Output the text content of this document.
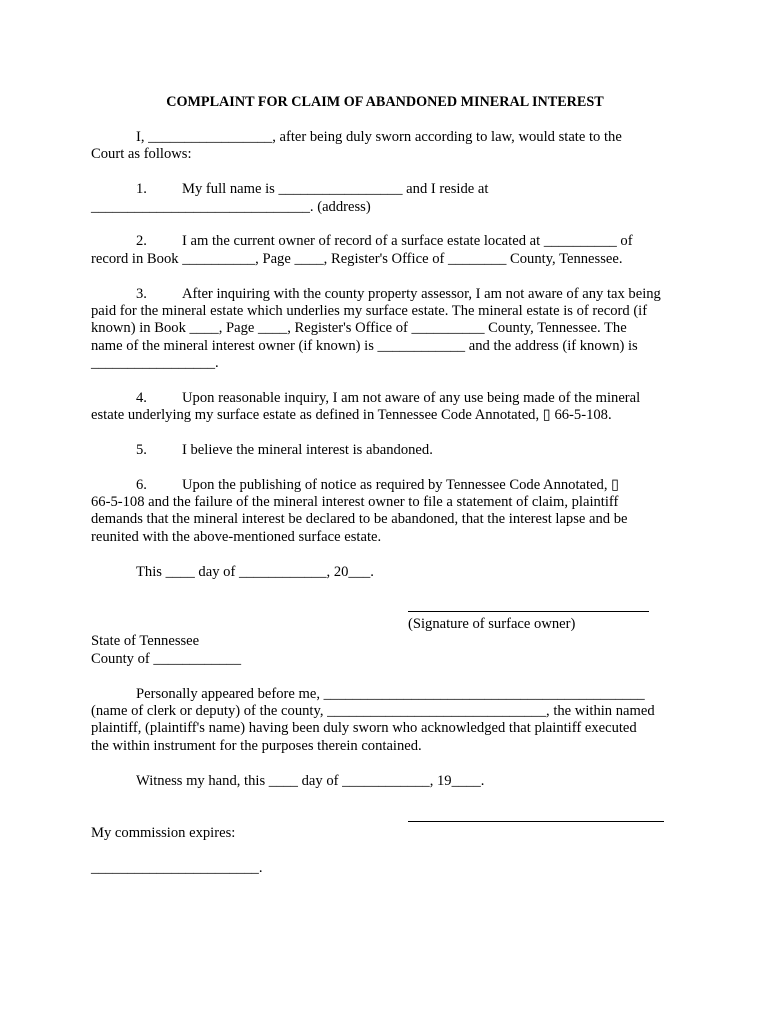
COMPLAINT FOR CLAIM OF ABANDONED MINERAL INTEREST
I, _________________, after being duly sworn according to law, would state to the
Court as follows:
1. My full name is _________________ and I reside at
______________________________. (address)
2. I am the current owner of record of a surface estate located at __________ of
record in Book __________, Page ____, Register's Office of ________ County, Tennessee.
3. After inquiring with the county property assessor, I am not aware of any tax being
paid for the mineral estate which underlies my surface estate. The mineral estate is of record (if
known) in Book ____, Page ____, Register's Office of __________ County, Tennessee. The
name of the mineral interest owner (if known) is ____________ and the address (if known) is
_________________.
4. Upon reasonable inquiry, I am not aware of any use being made of the mineral
estate underlying my surface estate as defined in Tennessee Code Annotated, ▯ 66-5-108.
5. I believe the mineral interest is abandoned.
6. Upon the publishing of notice as required by Tennessee Code Annotated, ▯
66-5-108 and the failure of the mineral interest owner to file a statement of claim, plaintiff
demands that the mineral interest be declared to be abandoned, that the interest lapse and be
reunited with the above-mentioned surface estate.
This ____ day of ____________, 20___.
(Signature of surface owner)
State of Tennessee
County of ____________
Personally appeared before me, ____________________________________________
(name of clerk or deputy) of the county, ______________________________, the within named
plaintiff, (plaintiff's name) having been duly sworn who acknowledged that plaintiff executed
the within instrument for the purposes therein contained.
Witness my hand, this ____ day of ____________, 19____.
My commission expires:
_______________________.
